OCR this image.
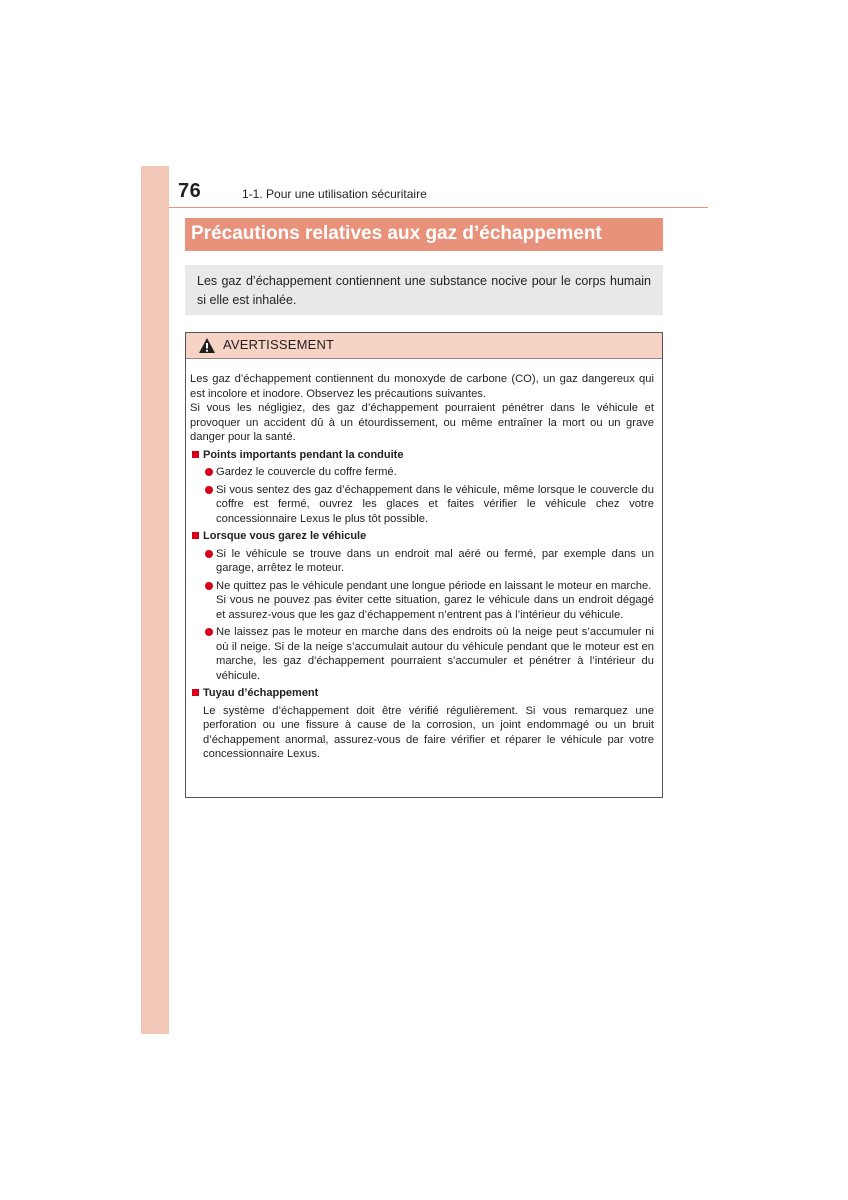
76	1-1. Pour une utilisation sécuritaire
Précautions relatives aux gaz d’échappement
Les gaz d’échappement contiennent une substance nocive pour le corps humain si elle est inhalée.
AVERTISSEMENT
Les gaz d’échappement contiennent du monoxyde de carbone (CO), un gaz dangereux qui est incolore et inodore. Observez les précautions suivantes.
Si vous les négligiez, des gaz d’échappement pourraient pénétrer dans le véhicule et provoquer un accident dû à un étourdissement, ou même entraîner la mort ou un grave danger pour la santé.
Points importants pendant la conduite
Gardez le couvercle du coffre fermé.
Si vous sentez des gaz d’échappement dans le véhicule, même lorsque le couvercle du coffre est fermé, ouvrez les glaces et faites vérifier le véhicule chez votre concessionnaire Lexus le plus tôt possible.
Lorsque vous garez le véhicule
Si le véhicule se trouve dans un endroit mal aéré ou fermé, par exemple dans un garage, arrêtez le moteur.
Ne quittez pas le véhicule pendant une longue période en laissant le moteur en marche.
Si vous ne pouvez pas éviter cette situation, garez le véhicule dans un endroit dégagé et assurez-vous que les gaz d’échappement n’entrent pas à l’intérieur du véhicule.
Ne laissez pas le moteur en marche dans des endroits où la neige peut s’accumuler ni où il neige. Si de la neige s’accumulait autour du véhicule pendant que le moteur est en marche, les gaz d’échappement pourraient s’accumuler et pénétrer à l’intérieur du véhicule.
Tuyau d’échappement
Le système d’échappement doit être vérifié régulièrement. Si vous remarquez une perforation ou une fissure à cause de la corrosion, un joint endommagé ou un bruit d’échappement anormal, assurez-vous de faire vérifier et réparer le véhicule par votre concessionnaire Lexus.
